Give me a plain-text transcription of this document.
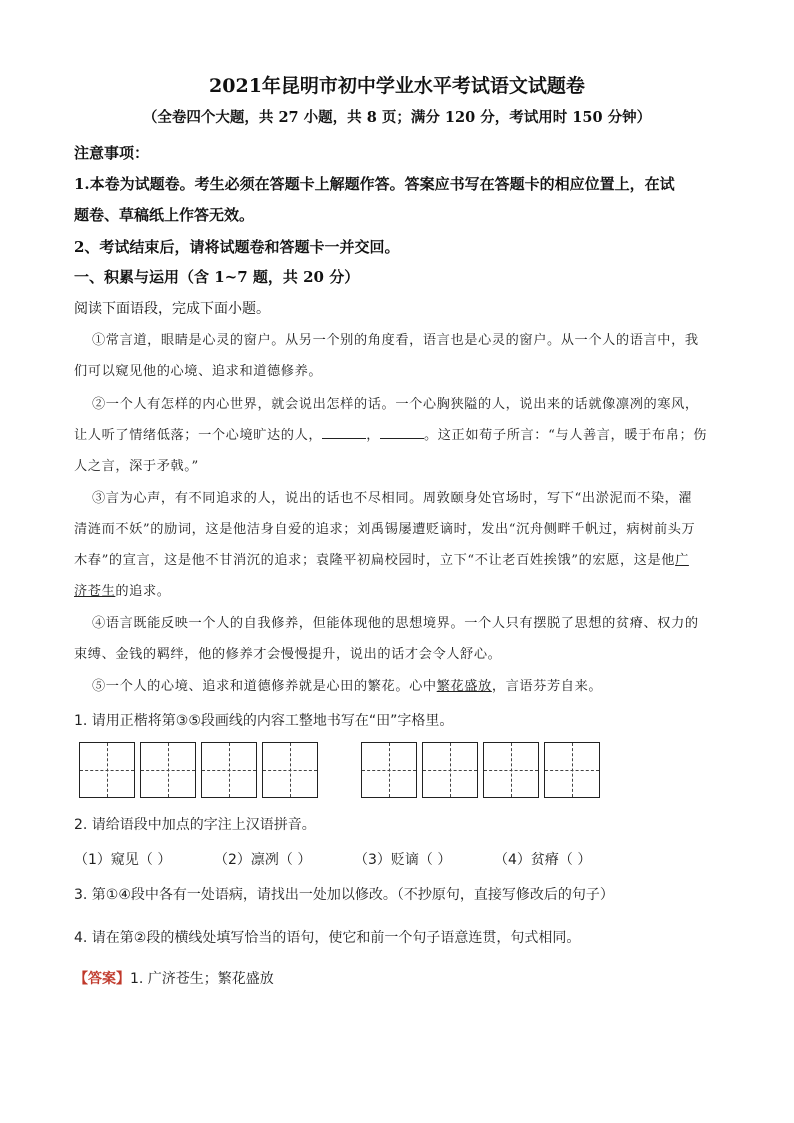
2021年昆明市初中学业水平考试语文试题卷
（全卷四个大题，共 27 小题，共 8 页；满分 120 分，考试用时 150 分钟）
注意事项：
1.本卷为试题卷。考生必须在答题卡上解题作答。答案应书写在答题卡的相应位置上，在试
题卷、草稿纸上作答无效。
2、考试结束后，请将试题卷和答题卡一并交回。
一、积累与运用（含 1~7 题，共 20 分）
阅读下面语段，完成下面小题。
①常言道，眼睛是心灵的窗户。从另一个别的角度看，语言也是心灵的窗户。从一个人的语言中，我
们可以窥见他的心境、追求和道德修养。
②一个人有怎样的内心世界，就会说出怎样的话。一个心胸狭隘的人，说出来的话就像凛冽的寒风，
让人听了情绪低落；一个心境旷达的人，	，	。这正如荀子所言：“与人善言，暖于布帛；伤
人之言，深于矛戟。”
③言为心声，有不同追求的人，说出的话也不尽相同。周敦颐身处官场时，写下“出淤泥而不染，濯
清涟而不妖”的励词，这是他洁身自爱的追求；刘禹锡屡遭贬谪时，发出“沉舟侧畔千帆过，病树前头万
木春”的宣言，这是他不甘消沉的追求；袁隆平初扁校园时，立下“不让老百姓挨饿”的宏愿，这是他广
济苍生的追求。
④语言既能反映一个人的自我修养，但能体现他的思想境界。一个人只有摆脱了思想的贫瘠、权力的
束缚、金钱的羁绊，他的修养才会慢慢提升，说出的话才会令人舒心。
⑤一个人的心境、追求和道德修养就是心田的繁花。心中繁花盛放，言语芬芳自来。
1. 请用正楷将第③⑤段画线的内容工整地书写在“田”字格里。
2. 请给语段中加点的字注上汉语拼音。
（1）窥见（ ）	（2）凛冽（ ）	（3）贬谪（ ）	（4）贫瘠（ ）
3. 第①④段中各有一处语病，请找出一处加以修改。（不抄原句，直接写修改后的句子）
4. 请在第②段的横线处填写恰当的语句，使它和前一个句子语意连贯，句式相同。
【答案】1. 广济苍生；繁花盛放
